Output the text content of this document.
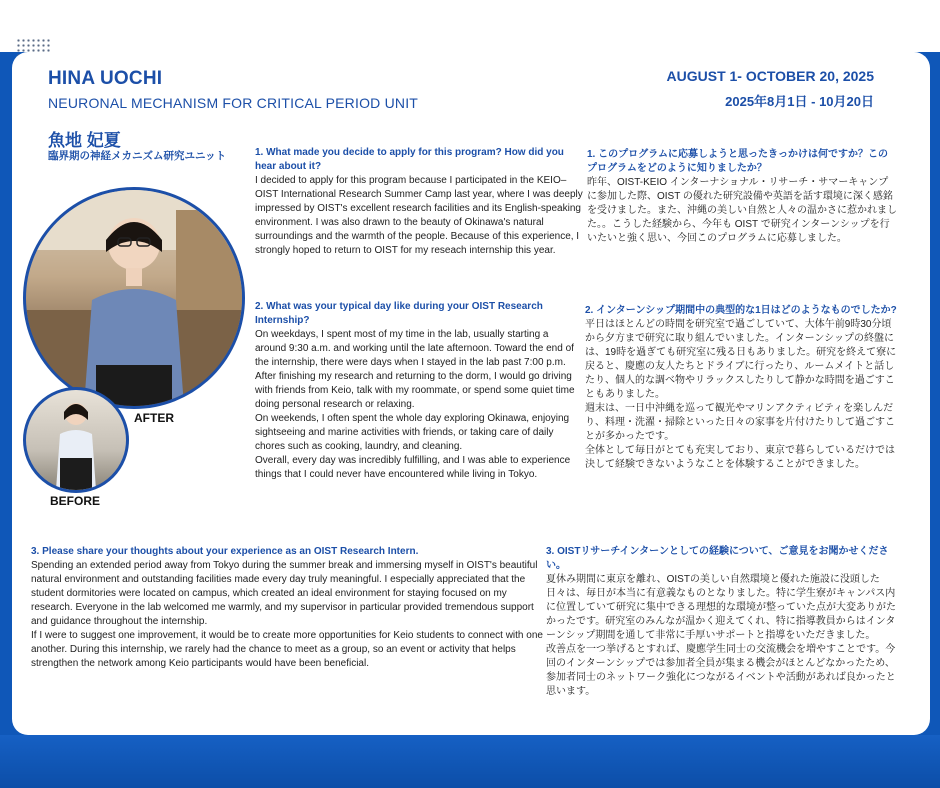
HINA UOCHI
NEURONAL MECHANISM FOR CRITICAL PERIOD UNIT
魚地 妃夏
臨界期の神経メカニズム研究ユニット
AUGUST 1- OCTOBER 20, 2025
2025年8月1日 - 10月20日
AFTER
BEFORE
1. What made you decide to apply for this program? How did you hear about it?
I decided to apply for this program because I participated in the KEIO–OIST International Research Summer Camp last year, where I was deeply impressed by OIST's excellent research facilities and its English-speaking environment. I was also drawn to the beauty of Okinawa's natural surroundings and the warmth of the people. Because of this experience, I strongly hoped to return to OIST for my reseach internship this year.
2. What was your typical day like during your OIST Research Internship?

On weekdays, I spent most of my time in the lab, usually starting a around 9:30 a.m. and working until the late afternoon. Toward the end of the internship, there were days when I stayed in the lab past 7:00 p.m. After finishing my research and returning to the dorm, I would go driving with friends from Keio, talk with my roommate, or spend some quiet time doing personal research or relaxing.

On weekends, I often spent the whole day exploring Okinawa, enjoying sightseeing and marine activities with friends, or taking care of daily chores such as cooking, laundry, and cleaning.

Overall, every day was incredibly fulfilling, and I was able to experience things that I could never have encountered while living in Tokyo.

1. このプログラムに応募しようと思ったきっかけは何ですか？このプログラムをどのように知りましたか？
昨年、OIST-KEIO インターナショナル・リサーチ・サマーキャンプに参加した際、OIST の優れた研究設備や英語を話す環境に深く感銘を受けました。また、沖縄の美しい自然と人々の温かさに惹かれました。。こうした経験から、今年も OIST で研究インターンシップを行いたいと強く思い、今回このプログラムに応募しました。
2. インターンシップ期間中の典型的な1日はどのようなものでしたか?

平日はほとんどの時間を研究室で過ごしていて、大体午前9時30分頃から夕方まで研究に取り組んでいました。インターンシップの終盤には、19時を過ぎても研究室に残る日もありました。研究を終えて寮に戻ると、慶應の友人たちとドライブに行ったり、ルームメイトと話したり、個人的な調べ物やリラックスしたりして静かな時間を過ごすこともありました。

週末は、一日中沖縄を巡って観光やマリンアクティビティを楽しんだり、料理・洗濯・掃除といった日々の家事を片付けたりして過ごすことが多かったです。

全体として毎日がとても充実しており、東京で暮らしているだけでは決して経験できないようなことを体験することができました。

3. Please share your thoughts about your experience as an OIST Research Intern.

Spending an extended period away from Tokyo during the summer break and immersing myself in OIST's beautiful natural environment and outstanding facilities made every day truly meaningful. I especially appreciated that the student dormitories were located on campus, which created an ideal environment for staying focused on my research. Everyone in the lab welcomed me warmly, and my supervisor in particular provided tremendous support and guidance throughout the internship.

If I were to suggest one improvement, it would be to create more opportunities for Keio students to connect with one another. During this internship, we rarely had the chance to meet as a group, so an event or activity that helps strengthen the network among Keio participants would have been beneficial.

3. OISTリサーチインターンとしての経験について、ご意見をお聞かせください。

夏休み期間に東京を離れ、OISTの美しい自然環境と優れた施設に没頭した日々は、毎日が本当に有意義なものとなりました。特に学生寮がキャンパス内に位置していて研究に集中できる理想的な環境が整っていた点が大変ありがたかったです。研究室のみんなが温かく迎えてくれ、特に指導教員からはインターンシップ期間を通して非常に手厚いサポートと指導をいただきました。

改善点を一つ挙げるとすれば、慶應学生同士の交流機会を増やすことです。今回のインターンシップでは参加者全員が集まる機会がほとんどなかったため、参加者同士のネットワーク強化につながるイベントや活動があれば良かったと思います。
